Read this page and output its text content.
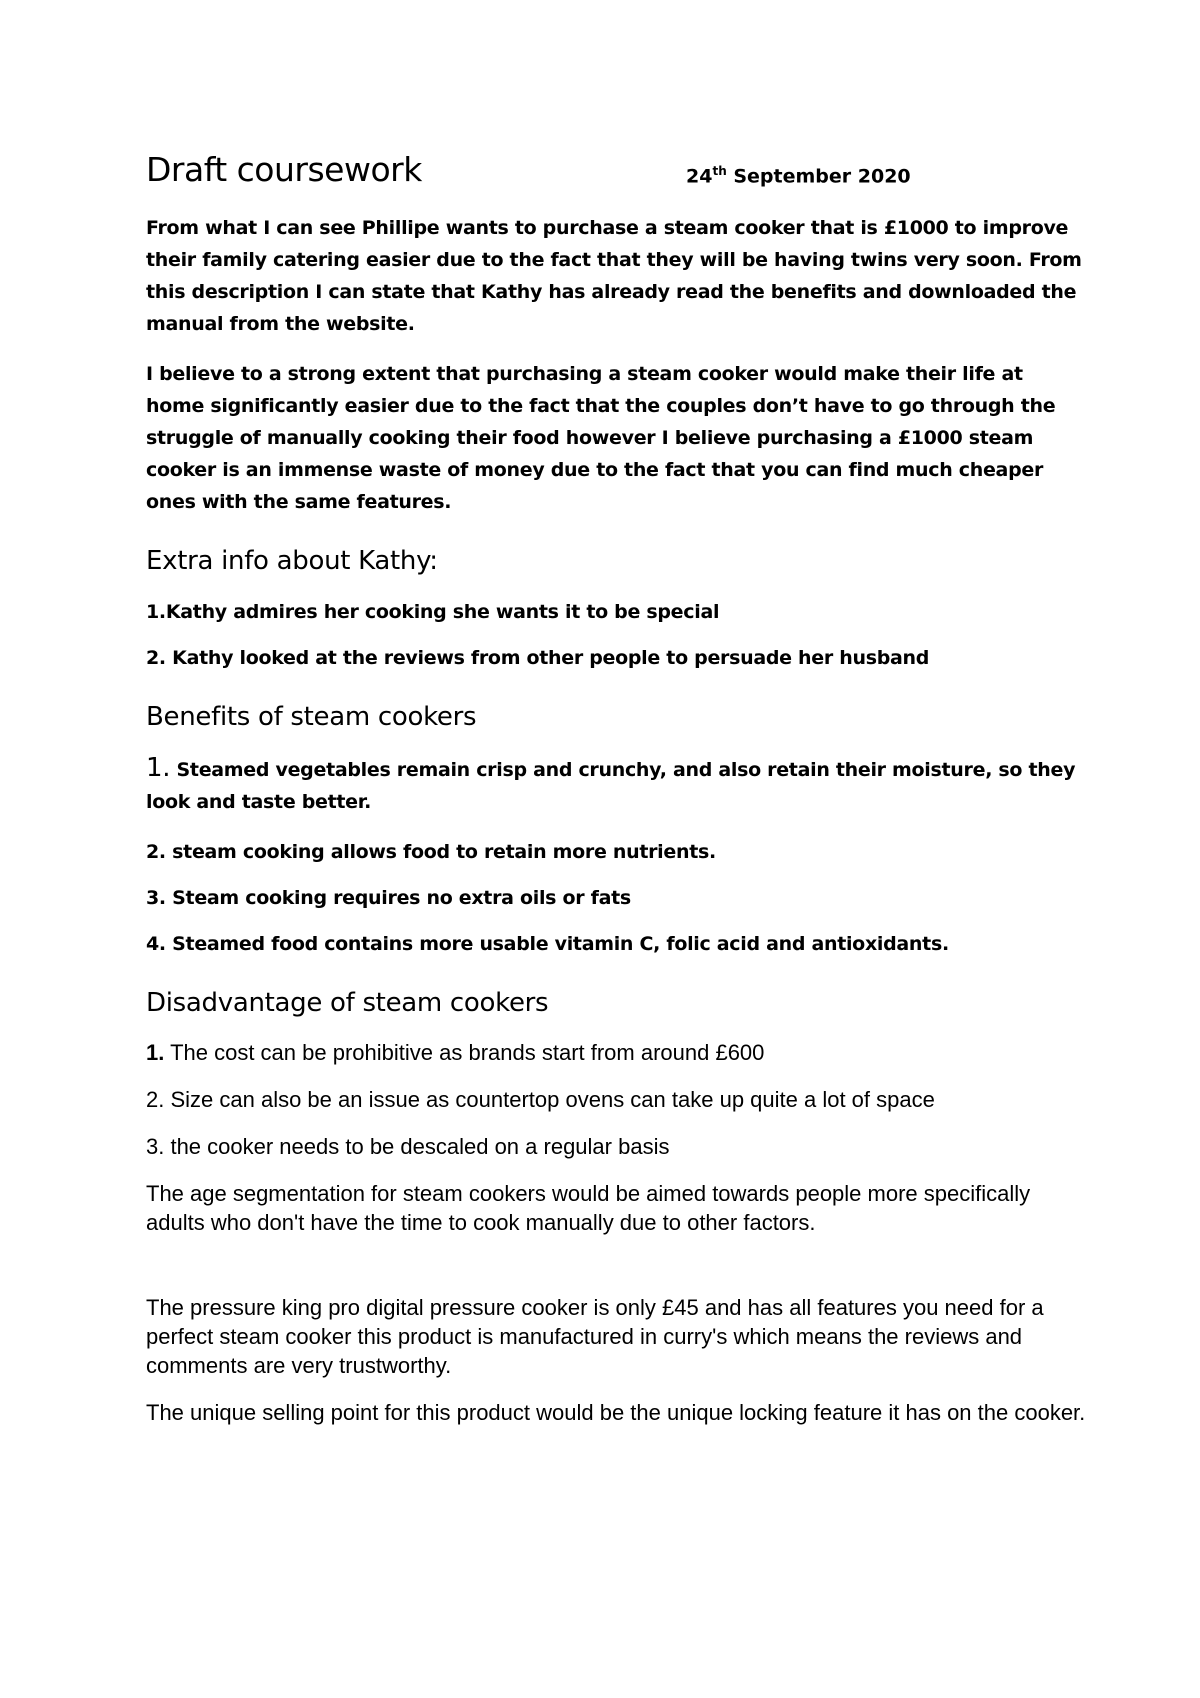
Draft coursework	24th September 2020

From what I can see Phillipe wants to purchase a steam cooker that is £1000 to improve their family catering easier due to the fact that they will be having twins very soon. From this description I can state that Kathy has already read the benefits and downloaded the manual from the website.

I believe to a strong extent that purchasing a steam cooker would make their life at home significantly easier due to the fact that the couples don’t have to go through the struggle of manually cooking their food however I believe purchasing a £1000 steam cooker is an immense waste of money due to the fact that you can find much cheaper ones with the same features.

Extra info about Kathy:

1.Kathy admires her cooking she wants it to be special

2. Kathy looked at the reviews from other people to persuade her husband

Benefits of steam cookers

1. Steamed vegetables remain crisp and crunchy, and also retain their moisture, so they look and taste better.

2. steam cooking allows food to retain more nutrients.

3. Steam cooking requires no extra oils or fats

4. Steamed food contains more usable vitamin C, folic acid and antioxidants.

Disadvantage of steam cookers

1. The cost can be prohibitive as brands start from around £600

2. Size can also be an issue as countertop ovens can take up quite a lot of space

3. the cooker needs to be descaled on a regular basis

The age segmentation for steam cookers would be aimed towards people more specifically adults who don't have the time to cook manually due to other factors.

The pressure king pro digital pressure cooker is only £45 and has all features you need for a perfect steam cooker this product is manufactured in curry's which means the reviews and comments are very trustworthy.

The unique selling point for this product would be the unique locking feature it has on the cooker.
